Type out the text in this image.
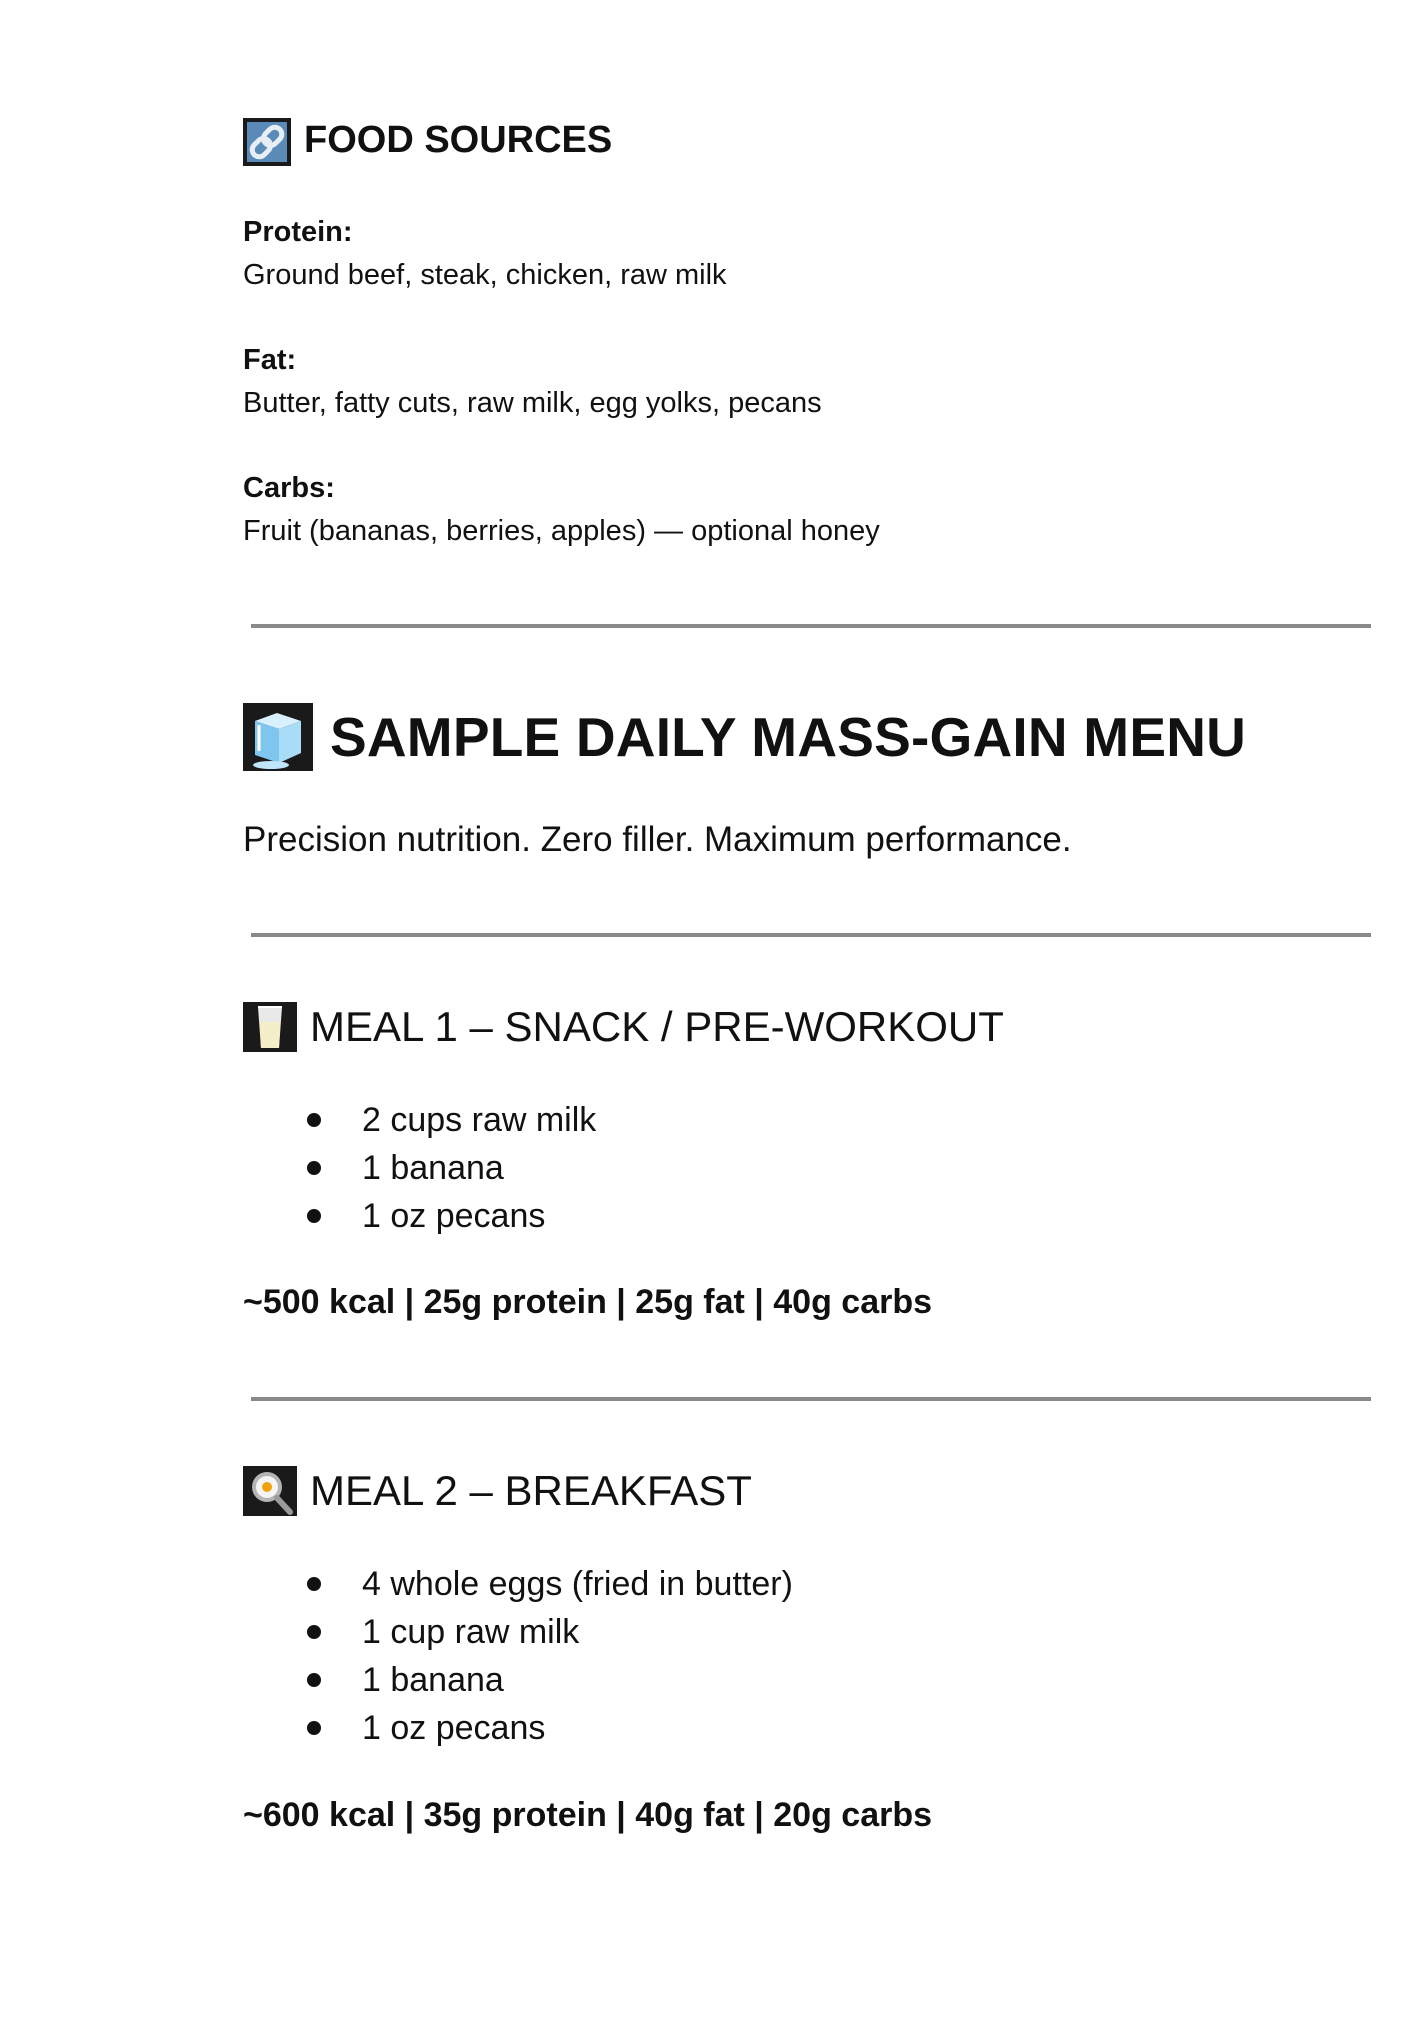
FOOD SOURCES
Protein:
Ground beef, steak, chicken, raw milk
Fat:
Butter, fatty cuts, raw milk, egg yolks, pecans
Carbs:
Fruit (bananas, berries, apples) — optional honey
SAMPLE DAILY MASS-GAIN MENU
Precision nutrition. Zero filler. Maximum performance.
MEAL 1 – SNACK / PRE-WORKOUT
2 cups raw milk
1 banana
1 oz pecans
~500 kcal | 25g protein | 25g fat | 40g carbs
MEAL 2 – BREAKFAST
4 whole eggs (fried in butter)
1 cup raw milk
1 banana
1 oz pecans
~600 kcal | 35g protein | 40g fat | 20g carbs
